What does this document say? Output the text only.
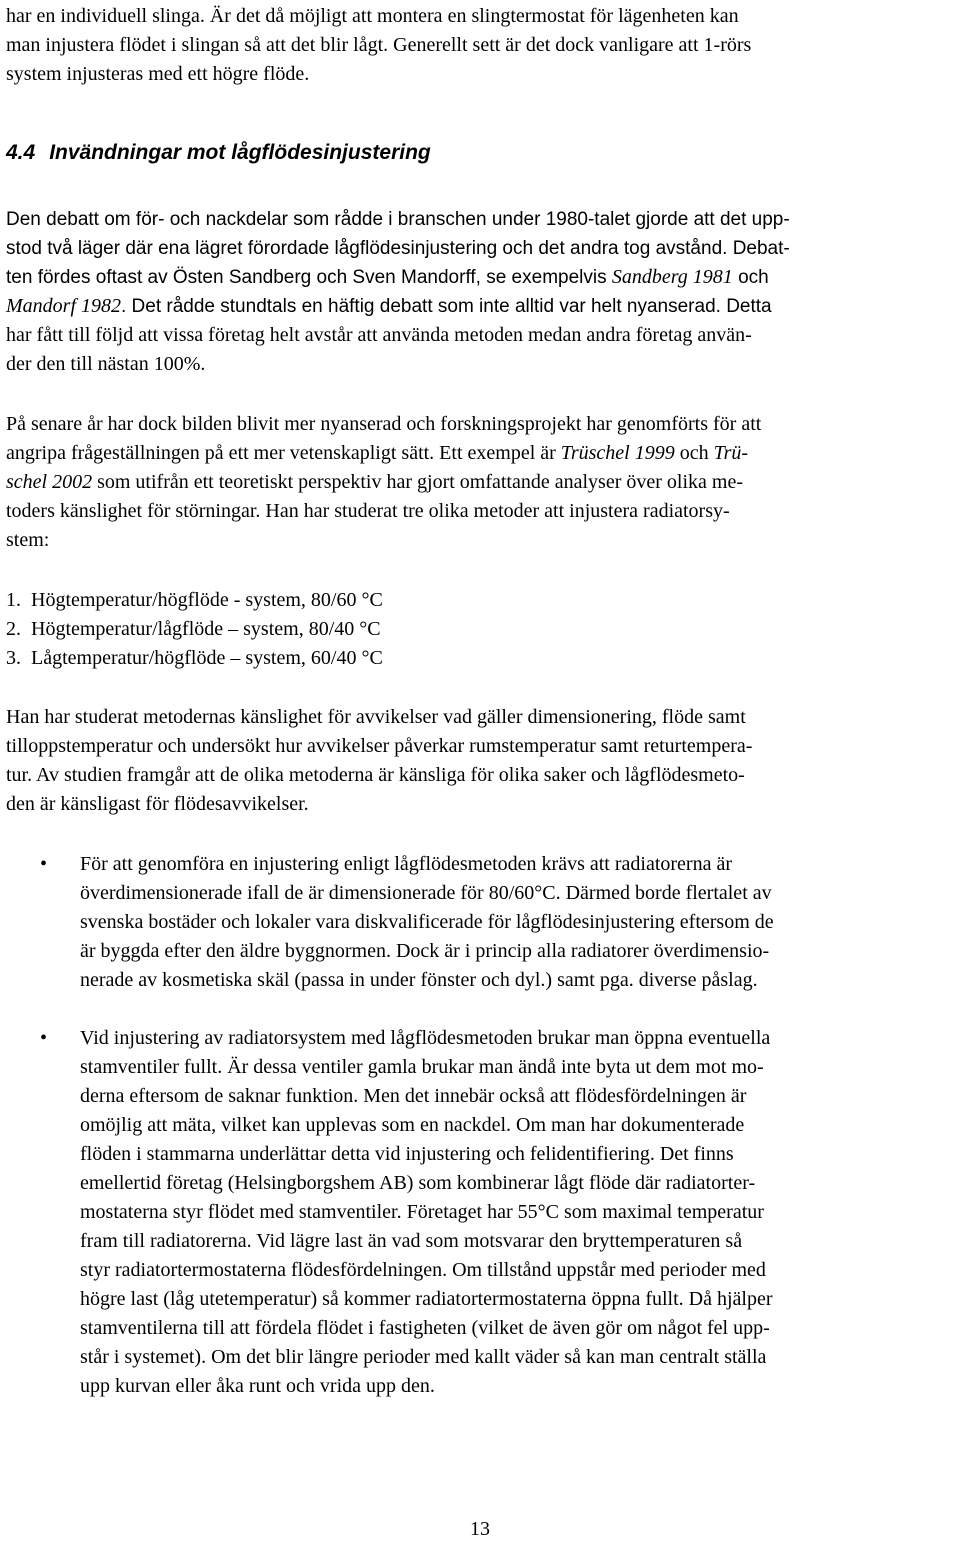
har en individuell slinga. Är det då möjligt att montera en slingtermostat för lägenheten kan
man injustera flödet i slingan så att det blir lågt. Generellt sett är det dock vanligare att 1-rörs
system injusteras med ett högre flöde.
4.4 Invändningar mot lågflödesinjustering
Den debatt om för- och nackdelar som rådde i branschen under 1980-talet gjorde att det upp-
stod två läger där ena lägret förordade lågflödesinjustering och det andra tog avstånd. Debat-
ten fördes oftast av Östen Sandberg och Sven Mandorff, se exempelvis Sandberg 1981 och
Mandorf 1982. Det rådde stundtals en häftig debatt som inte alltid var helt nyanserad. Detta
har fått till följd att vissa företag helt avstår att använda metoden medan andra företag använ-
der den till nästan 100%.
På senare år har dock bilden blivit mer nyanserad och forskningsprojekt har genomförts för att
angripa frågeställningen på ett mer vetenskapligt sätt. Ett exempel är Trüschel 1999 och Trü-
schel 2002 som utifrån ett teoretiskt perspektiv har gjort omfattande analyser över olika me-
toders känslighet för störningar. Han har studerat tre olika metoder att injustera radiatorsy-
stem:
1.  Högtemperatur/högflöde - system, 80/60 °C
2.  Högtemperatur/lågflöde – system, 80/40 °C
3.  Lågtemperatur/högflöde – system, 60/40 °C
Han har studerat metodernas känslighet för avvikelser vad gäller dimensionering, flöde samt
tilloppstemperatur och undersökt hur avvikelser påverkar rumstemperatur samt returtempera-
tur. Av studien framgår att de olika metoderna är känsliga för olika saker och lågflödesmeto-
den är känsligast för flödesavvikelser.
• För att genomföra en injustering enligt lågflödesmetoden krävs att radiatorerna är
överdimensionerade ifall de är dimensionerade för 80/60°C. Därmed borde flertalet av
svenska bostäder och lokaler vara diskvalificerade för lågflödesinjustering eftersom de
är byggda efter den äldre byggnormen. Dock är i princip alla radiatorer överdimensio-
nerade av kosmetiska skäl (passa in under fönster och dyl.) samt pga. diverse påslag.
• Vid injustering av radiatorsystem med lågflödesmetoden brukar man öppna eventuella
stamventiler fullt. Är dessa ventiler gamla brukar man ändå inte byta ut dem mot mo-
derna eftersom de saknar funktion. Men det innebär också att flödesfördelningen är
omöjlig att mäta, vilket kan upplevas som en nackdel. Om man har dokumenterade
flöden i stammarna underlättar detta vid injustering och felidentifiering. Det finns
emellertid företag (Helsingborgshem AB) som kombinerar lågt flöde där radiatorter-
mostaterna styr flödet med stamventiler. Företaget har 55°C som maximal temperatur
fram till radiatorerna. Vid lägre last än vad som motsvarar den bryttemperaturen så
styr radiatortermostaterna flödesfördelningen. Om tillstånd uppstår med perioder med
högre last (låg utetemperatur) så kommer radiatortermostaterna öppna fullt. Då hjälper
stamventilerna till att fördela flödet i fastigheten (vilket de även gör om något fel upp-
står i systemet). Om det blir längre perioder med kallt väder så kan man centralt ställa
upp kurvan eller åka runt och vrida upp den.
13
